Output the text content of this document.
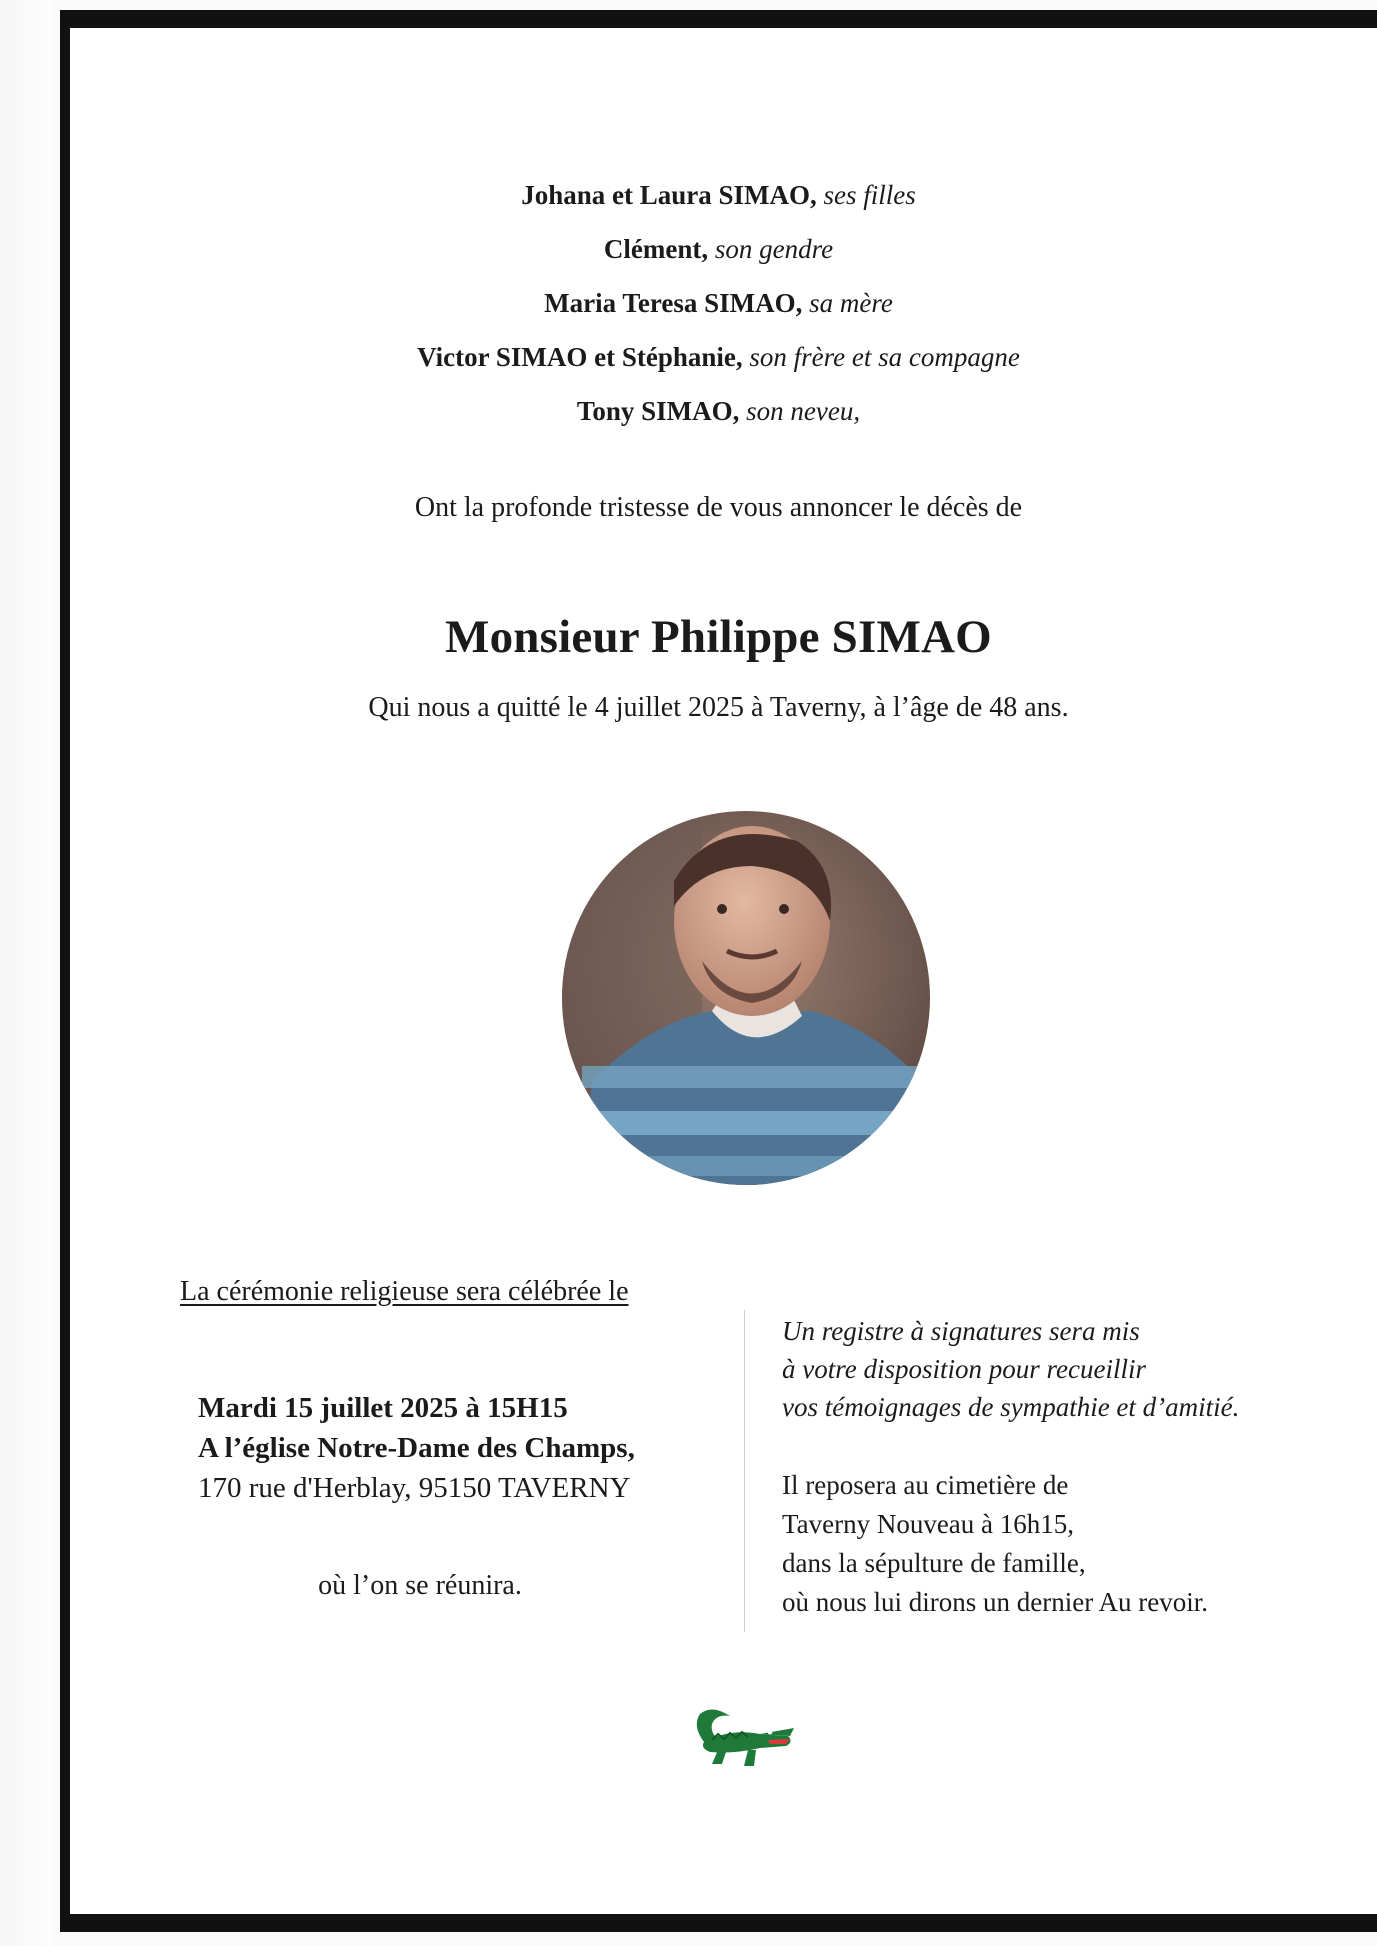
Johana et Laura SIMAO, ses filles
Clément, son gendre
Maria Teresa SIMAO, sa mère
Victor SIMAO et Stéphanie, son frère et sa compagne
Tony SIMAO, son neveu,
Ont la profonde tristesse de vous annoncer le décès de
Monsieur Philippe SIMAO
Qui nous a quitté le 4 juillet 2025 à Taverny, à l’âge de 48 ans.
La cérémonie religieuse sera célébrée le
Mardi 15 juillet 2025 à 15H15
A l’église Notre-Dame des Champs,
170 rue d'Herblay, 95150 TAVERNY
où l’on se réunira.
Un registre à signatures sera mis
à votre disposition pour recueillir
vos témoignages de sympathie et d’amitié.
Il reposera au cimetière de
Taverny Nouveau à 16h15,
dans la sépulture de famille,
où nous lui dirons un dernier Au revoir.
